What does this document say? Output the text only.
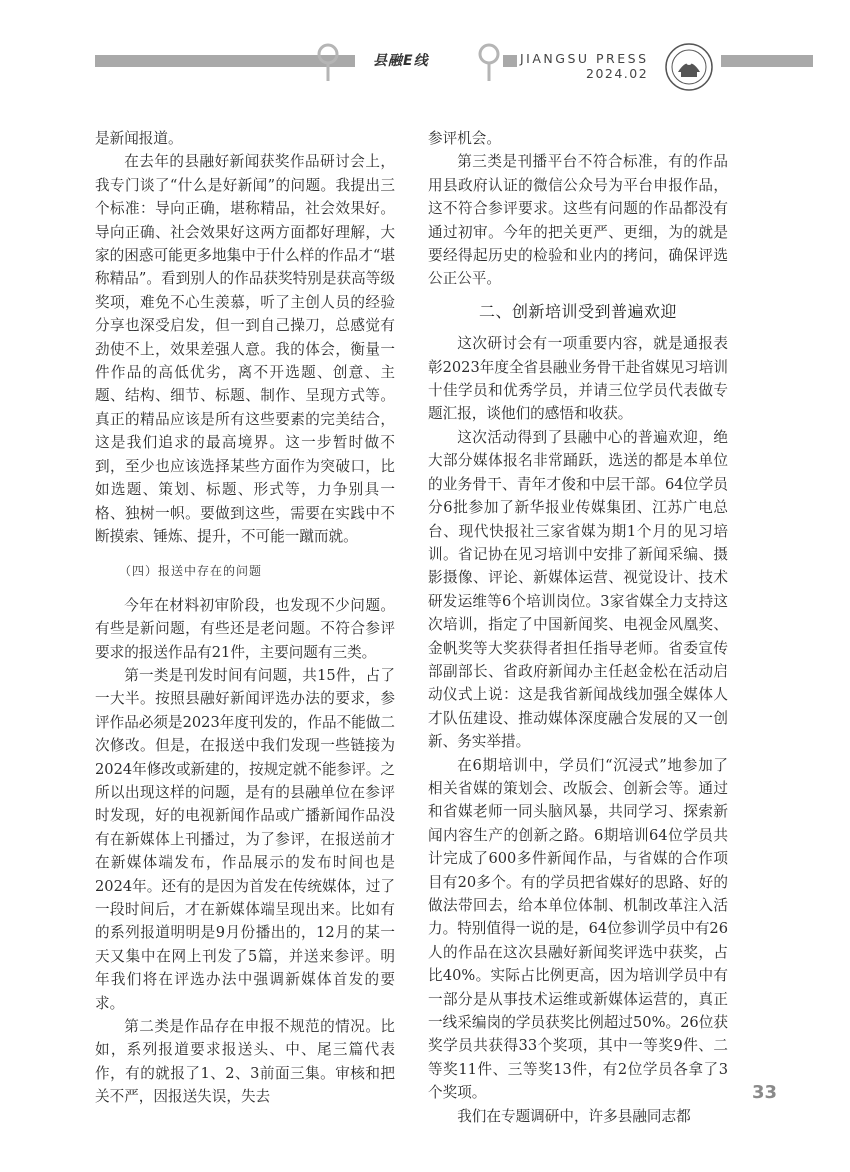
县融E线	JIANGSU PRESS
2024.02

是新闻报道。

在去年的县融好新闻获奖作品研讨会上，我专门谈了“什么是好新闻”的问题。我提出三个标准：导向正确，堪称精品，社会效果好。导向正确、社会效果好这两方面都好理解，大家的困惑可能更多地集中于什么样的作品才“堪称精品”。看到别人的作品获奖特别是获高等级奖项，难免不心生羡慕，听了主创人员的经验分享也深受启发，但一到自己操刀，总感觉有劲使不上，效果差强人意。我的体会，衡量一件作品的高低优劣，离不开选题、创意、主题、结构、细节、标题、制作、呈现方式等。真正的精品应该是所有这些要素的完美结合，这是我们追求的最高境界。这一步暂时做不到，至少也应该选择某些方面作为突破口，比如选题、策划、标题、形式等，力争别具一格、独树一帜。要做到这些，需要在实践中不断摸索、锤炼、提升，不可能一蹴而就。

（四）报送中存在的问题

今年在材料初审阶段，也发现不少问题。有些是新问题，有些还是老问题。不符合参评要求的报送作品有21件，主要问题有三类。

第一类是刊发时间有问题，共15件，占了一大半。按照县融好新闻评选办法的要求，参评作品必须是2023年度刊发的，作品不能做二次修改。但是，在报送中我们发现一些链接为2024年修改或新建的，按规定就不能参评。之所以出现这样的问题，是有的县融单位在参评时发现，好的电视新闻作品或广播新闻作品没有在新媒体上刊播过，为了参评，在报送前才在新媒体端发布，作品展示的发布时间也是2024年。还有的是因为首发在传统媒体，过了一段时间后，才在新媒体端呈现出来。比如有的系列报道明明是9月份播出的，12月的某一天又集中在网上刊发了5篇，并送来参评。明年我们将在评选办法中强调新媒体首发的要求。

第二类是作品存在申报不规范的情况。比如，系列报道要求报送头、中、尾三篇代表作，有的就报了1、2、3前面三集。审核和把关不严，因报送失误，失去

参评机会。

第三类是刊播平台不符合标准，有的作品用县政府认证的微信公众号为平台申报作品，这不符合参评要求。这些有问题的作品都没有通过初审。今年的把关更严、更细，为的就是要经得起历史的检验和业内的拷问，确保评选公正公平。

二、创新培训受到普遍欢迎

这次研讨会有一项重要内容，就是通报表彰2023年度全省县融业务骨干赴省媒见习培训十佳学员和优秀学员，并请三位学员代表做专题汇报，谈他们的感悟和收获。

这次活动得到了县融中心的普遍欢迎，绝大部分媒体报名非常踊跃，选送的都是本单位的业务骨干、青年才俊和中层干部。64位学员分6批参加了新华报业传媒集团、江苏广电总台、现代快报社三家省媒为期1个月的见习培训。省记协在见习培训中安排了新闻采编、摄影摄像、评论、新媒体运营、视觉设计、技术研发运维等6个培训岗位。3家省媒全力支持这次培训，指定了中国新闻奖、电视金风凰奖、金帆奖等大奖获得者担任指导老师。省委宣传部副部长、省政府新闻办主任赵金松在活动启动仪式上说：这是我省新闻战线加强全媒体人才队伍建设、推动媒体深度融合发展的又一创新、务实举措。

在6期培训中，学员们“沉浸式”地参加了相关省媒的策划会、改版会、创新会等。通过和省媒老师一同头脑风暴，共同学习、探索新闻内容生产的创新之路。6期培训64位学员共计完成了600多件新闻作品，与省媒的合作项目有20多个。有的学员把省媒好的思路、好的做法带回去，给本单位体制、机制改革注入活力。特别值得一说的是，64位参训学员中有26人的作品在这次县融好新闻奖评选中获奖，占比40%。实际占比例更高，因为培训学员中有一部分是从事技术运维或新媒体运营的，真正一线采编岗的学员获奖比例超过50%。26位获奖学员共获得33个奖项，其中一等奖9件、二等奖11件、三等奖13件，有2位学员各拿了3个奖项。

我们在专题调研中，许多县融同志都

33
